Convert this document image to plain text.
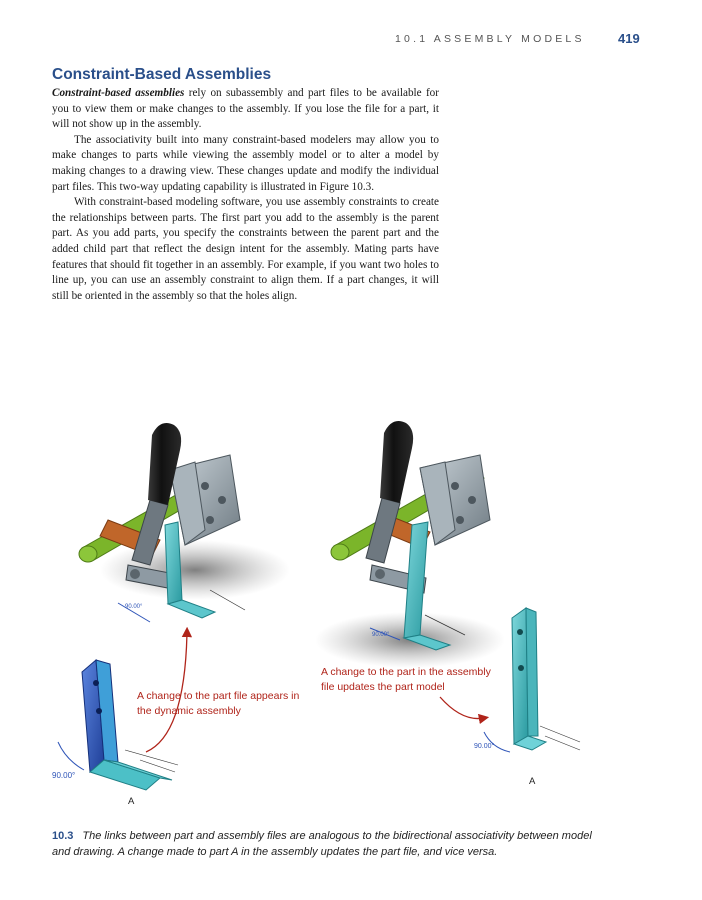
10.1 ASSEMBLY MODELS	419
Constraint-Based Assemblies

Constraint-based assemblies rely on subassembly and part files to be available for you to view them or make changes to the assembly. If you lose the file for a part, it will not show up in the assembly.

The associativity built into many constraint-based modelers may allow you to make changes to parts while viewing the assembly model or to alter a model by making changes to a drawing view. These changes update and modify the individual part files. This two-way updating capability is illustrated in Figure 10.3.

With constraint-based modeling software, you use assembly constraints to create the relationships between parts. The first part you add to the assembly is the parent part. As you add parts, you specify the constraints between the parent part and the added child part that reflect the design intent for the assembly. Mating parts have features that should fit together in an assembly. For example, if you want two holes to line up, you can use an assembly constraint to align them. If a part changes, it will still be oriented in the assembly so that the holes align.

90.00°
90.00°
90.00°
90.00°
A change to the part file appears in the dynamic assembly
A change to the part in the assembly file updates the part model
A
A
10.3 The links between part and assembly files are analogous to the bidirectional associativity between model and drawing. A change made to part A in the assembly updates the part file, and vice versa.
